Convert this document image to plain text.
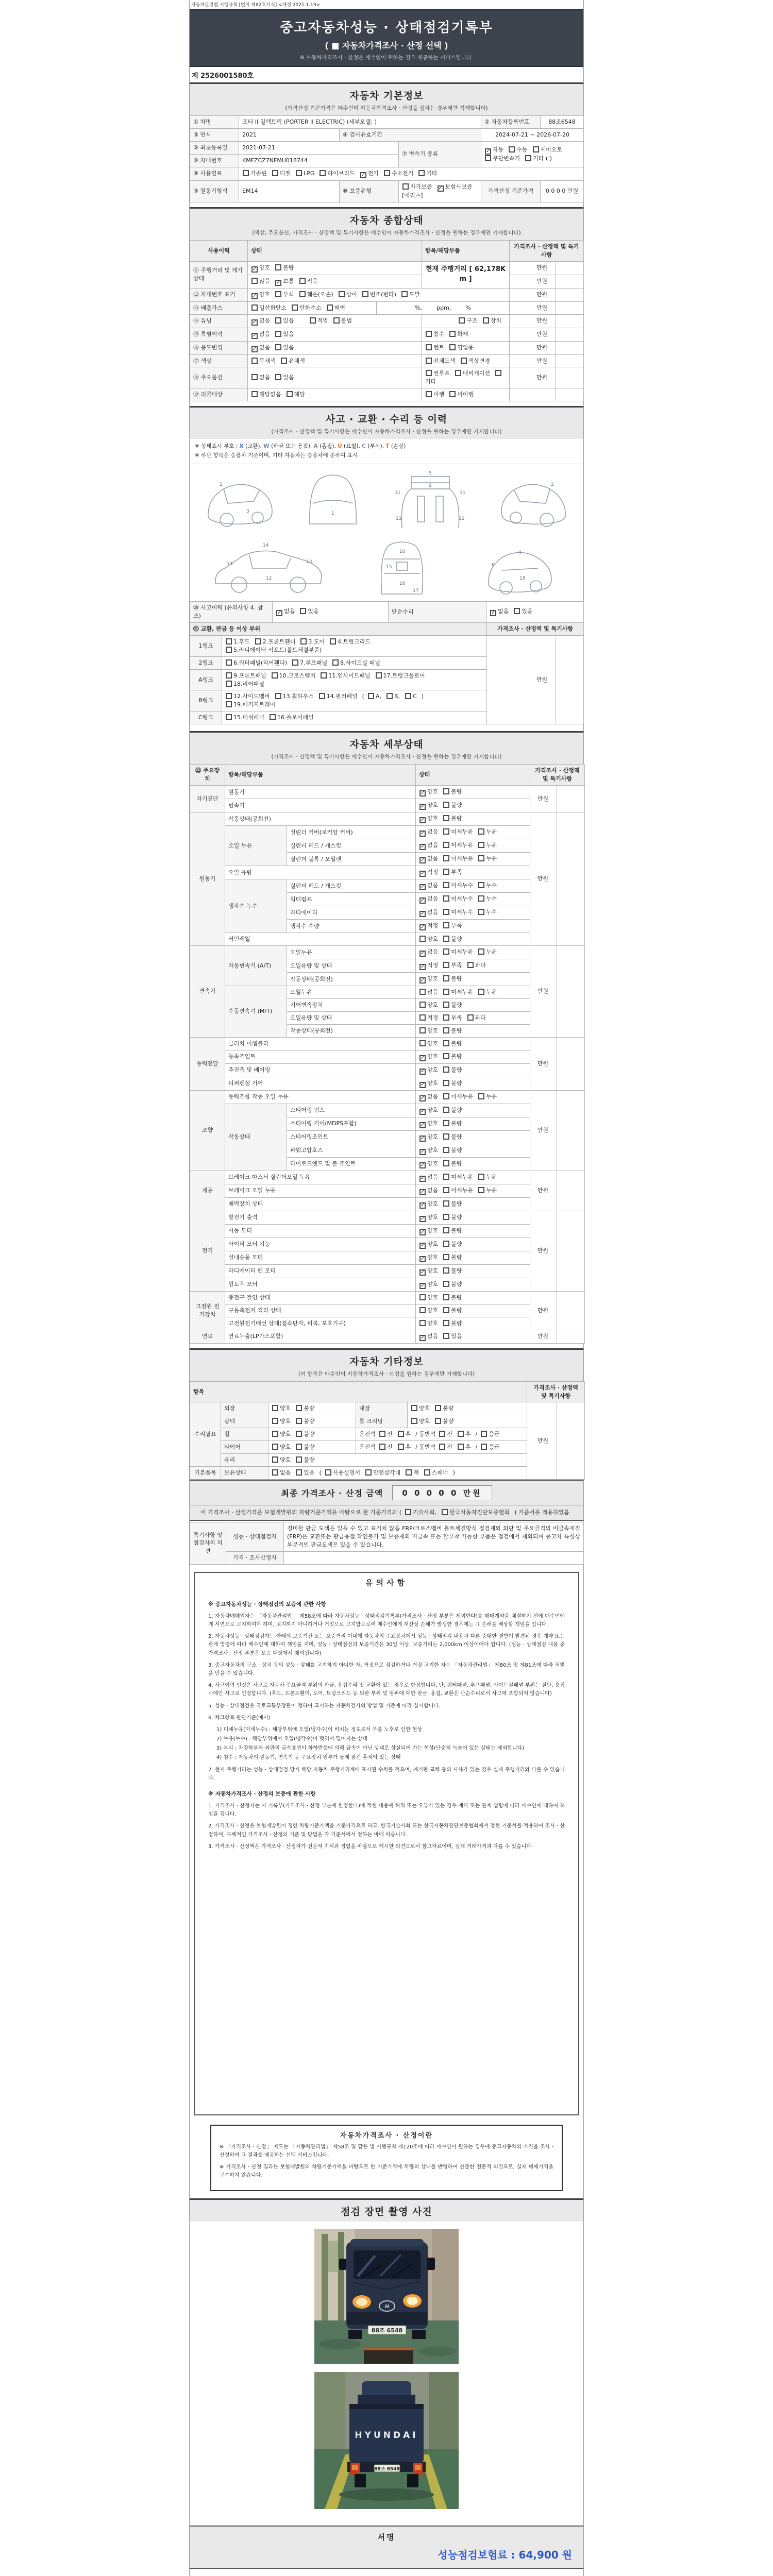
자동차관리법 시행규칙 [별지 제82호서식] <개정 2021.1.19>
중고자동차성능 · 상태점검기록부
( ■ 자동차가격조사 · 산정 선택 )
※ 자동차가격조사 · 산정은 매수인이 원하는 경우 제공하는 서비스입니다.
제 2526001580호
자동차 기본정보
(가격산정 기준가격은 매수인이 자동차가격조사 · 산정을 원하는 경우에만 기재합니다)
① 차명	포터 II 일렉트릭 (PORTER II ELECTRIC) (세부모델: )			② 자동차등록번호	88조6548
③ 연식	2021	④ 검사유효기간		2024-07-21 ~ 2026-07-20	
⑤ 최초등록일	2021-07-21		⑦ 변속기 종류	✓ 자동 수동 세미오토
무단변속기 기타 ( )	
⑥ 차대번호	KMFZCZ7NFMU018744				
⑧ 사용연료	가솔린 디젤 LPG 하이브리드 ✓ 전기 수소전기 기타				
⑨ 원동기형식	EM14	⑩ 보증유형	자가보증 ✓ 보험사보증[메리츠]	가격산정 기준가격	0 0 0 0 만원
자동차 종합상태
(색상, 주요옵션, 가격조사 · 산정액 및 특기사항은 매수인이 자동차가격조사 · 산정을 원하는 경우에만 기재합니다)
사용이력	상태		항목/해당부품	가격조사 · 산정액 및 특기사항	
⑪ 주행거리 및 계기상태	✓ 양호 불량		현재 주행거리 [ 62,178Km ]	만원	
	많음 ✓ 보통 적음			만원	
⑫ 차대번호 표기	✓ 양호 부식 훼손(오손) 상이 변조(변타) 도말			만원	
⑬ 배출가스	일산화탄소 탄화수소 매연	%,        ppm,        %		만원	
⑭ 튜닝	✓ 없음 있음 적법 불법		구조 장치	만원	
⑮ 특별이력	✓ 없음 있음		침수 화재	만원	
⑯ 용도변경	✓ 없음 있음		렌트 영업용	만원	
⑰ 색상	무채색 유채색		전체도색 색상변경	만원	
⑱ 주요옵션	없음 있음		썬루프 네비게이션기타	만원	
⑲ 리콜대상	해당없음 해당		이행 미이행		
사고 · 교환 · 수리 등 이력
(가격조사 · 산정액 및 특기사항은 매수인이 자동차가격조사 · 산정을 원하는 경우에만 기재합니다)
※ 상태표시 부호 : X (교환), W (판금 또는 용접), A (흠집), U (요철), C (부식), T (손상)
※ 하단 항목은 승용차 기준이며, 기타 자동차는 승용차에 준하여 표시
2
3	1
5
9
11	11
12	12
2
14
13	13
12
10
16
15
17
4
6
18
⑳ 사고이력 (유의사항 4. 참조)	✓ 없음 있음	단순수리	✓ 없음 있음
㉑ 교환, 판금 등 이상 부위		가격조사 · 산정액 및 특기사항	
1랭크	1.후드 2.프론트휀더 3.도어 4.트렁크리드
5.라디에이터 서포트(볼트체결부품)	만원	
2랭크	6.쿼터패널(리어휀다) 7.루프패널 8.사이드실 패널		
A랭크	9.프론트패널 10.크로스멤버 11.인사이드패널 17.트렁크플로어
18.리어패널		
B랭크	12.사이드멤버 13.휠하우스 14.필러패널 ( A, B, C )
19.패키지트레이		
C랭크	15.대쉬패널 16.플로어패널		
자동차 세부상태
(가격조사 · 산정액 및 특기사항은 매수인이 자동차가격조사 · 산정을 원하는 경우에만 기재합니다)
㉒ 주요장치	항목/해당부품		상태	가격조사 · 산정액 및 특기사항	
자기진단	원동기		✓ 양호 불량	만원	
	변속기		✓ 양호 불량		
원동기	작동상태(공회전)		✓ 양호 불량	만원	
	오일 누유	실린더 커버(로커암 커버)	✓ 없음 미세누유 누유		
		실린더 헤드 / 개스킷	✓ 없음 미세누유 누유		
		실린더 블록 / 오일팬	✓ 없음 미세누유 누유		
	오일 유량		✓ 적정 부족		
	냉각수 누수	실린더 헤드 / 개스킷	✓ 없음 미세누수 누수		
		워터펌프	✓ 없음 미세누수 누수		
		라디에이터	✓ 없음 미세누수 누수		
		냉각수 수량	✓ 적정 부족		
	커먼레일		양호 불량		
변속기	자동변속기 (A/T)	오일누유	✓ 없음 미세누유 누유	만원	
		오일유량 및 상태	✓ 적정 부족 과다		
		작동상태(공회전)	✓ 양호 불량		
	수동변속기 (M/T)	오일누유	없음 미세누유 누유		
		기어변속장치	양호 불량		
		오일유량 및 상태	적정 부족 과다		
		작동상태(공회전)	양호 불량		
동력전달	클러치 어셈블리		양호 불량	만원	
	등속조인트		✓ 양호 불량		
	추진축 및 베어링		✓ 양호 불량		
	디퍼렌셜 기어		✓ 양호 불량		
조향	동력조향 작동 오일 누유		✓ 없음 미세누유 누유	만원	
	작동상태	스티어링 펌프	✓ 양호 불량		
		스티어링 기어(MDPS포함)	✓ 양호 불량		
		스티어링조인트	✓ 양호 불량		
		파워고압호스	✓ 양호 불량		
		타이로드엔드 및 볼 조인트	✓ 양호 불량		
제동	브레이크 마스터 실린더오일 누유		✓ 없음 미세누유 누유	만원	
	브레이크 오일 누유		✓ 없음 미세누유 누유		
	배력장치 상태		✓ 양호 불량		
전기	발전기 출력		✓ 양호 불량	만원	
	시동 모터		✓ 양호 불량		
	와이퍼 모터 기능		✓ 양호 불량		
	실내송풍 모터		✓ 양호 불량		
	라디에이터 팬 모터		✓ 양호 불량		
	윈도우 모터		✓ 양호 불량		
고전원 전기장치	충전구 절연 상태		양호 불량	만원	
	구동축전지 격리 상태		양호 불량		
	고전원전기배선 상태(접속단자, 피복, 보호기구)		양호 불량		
연료	연료누출(LP가스포함)		✓ 없음 있음	만원	
자동차 기타정보
(이 항목은 매수인이 자동차가격조사 · 산정을 원하는 경우에만 기재합니다)
항목					가격조사 · 산정액 및 특기사항	
수리필요	외장	양호 불량	내장	양호 불량	만원	
	광택	양호 불량	룸 크리닝	양호 불량		
	휠	양호 불량	운전석 전 후 / 동반석 전 후 / 응급			
	타이어	양호 불량	운전석 전 후 / 동반석 전 후 / 응급			
	유리	양호 불량				
기본품목	보유상태	없음 있음 ( 사용설명서 안전삼각대 잭 스패너 )				
최종 가격조사 · 산정 금액	0 0 0 0 0 만원
이 가격조사 · 산정가격은 보험개발원의 차량기준가액을 바탕으로 한 기준가격과 ( 기술사회, 한국자동차진단보증협회 ) 기준서를 적용하였음
특기사항 및 점검자의 의견	성능 · 상태점검자	경미한 판금 도색은 있을 수 있고 표기치 않음 FRP/크로스멤버 볼트체결방식 점검제외 외판 및 주요골격의 비금속재질(FRP)은 교환또는 판금용접 확인불가 및 보증제외 비금속 또는 탈부착 가능한 부품은 점검에서 제외되며 중고차 특성상 부분적인 판금도색은 있을 수 있습니다.
	가격 · 조사산정자	
유의사항
※ 중고자동차성능 · 상태점검의 보증에 관한 사항
1. 자동차매매업자는 「자동차관리법」 제58조에 따라 자동차성능 · 상태점검기록부(가격조사 · 산정 부분은 제외한다)를 매매계약을 체결하기 전에 매수인에게 서면으로 고지하여야 하며, 고지하지 아니하거나 거짓으로 고지함으로써 매수인에게 재산상 손해가 발생한 경우에는 그 손해를 배상할 책임을 집니다.
2. 자동차성능 · 상태점검자는 아래의 보증기간 또는 보증거리 이내에 자동차의 주요장치에서 성능 · 상태점검 내용과 다른 중대한 결함이 발견된 경우 계약 또는 관계 법령에 따라 매수인에 대하여 책임을 지며, 성능 · 상태점검의 보증기간은 30일 이상, 보증거리는 2,000km 이상이어야 합니다. (성능 · 상태점검 내용 중 가격조사 · 산정 부분은 보증 대상에서 제외됩니다)
3. 중고자동차의 구조 · 장치 등의 성능 · 상태를 고지하지 아니한 자, 거짓으로 점검하거나 거짓 고지한 자는 「자동차관리법」 제80조 및 제81조에 따라 처벌을 받을 수 있습니다.
4. 사고이력 인정은 사고로 자동차 주요골격 부위의 판금, 용접수리 및 교환이 있는 경우로 한정합니다. 단, 쿼터패널, 루프패널, 사이드실패널 부위는 절단, 용접 시에만 사고로 인정합니다. (후드, 프론트휀더, 도어, 트렁크리드 등 외판 부위 및 범퍼에 대한 판금, 용접, 교환은 단순수리로서 사고에 포함되지 않습니다)
5. 성능 · 상태점검은 국토교통부장관이 정하여 고시하는 자동차검사의 방법 및 기준에 따라 실시합니다.
6. 체크항목 판단기준(예시)
1) 미세누유(미세누수) : 해당부위에 오일(냉각수)이 비치는 정도로서 부품 노후로 인한 현상
2) 누유(누수) : 해당부위에서 오일(냉각수)이 맺혀서 떨어지는 상태
3) 부식 : 차량하부와 외판의 금속표면이 화학반응에 의해 금속이 아닌 상태로 상실되어 가는 현상(단순히 녹슬어 있는 상태는 제외합니다)
4) 침수 : 자동차의 원동기, 변속기 등 주요장치 일부가 물에 잠긴 흔적이 있는 상태
7. 현재 주행거리는 성능 · 상태점검 당시 해당 자동차 주행거리계에 표시된 수치를 적으며, 계기판 교체 등의 사유가 있는 경우 실제 주행거리와 다를 수 있습니다.
※ 자동차가격조사 · 산정의 보증에 관한 사항
1. 가격조사 · 산정자는 이 기록부(가격조사 · 산정 부분에 한정한다)에 적힌 내용에 허위 또는 오류가 있는 경우 계약 또는 관계 법령에 따라 매수인에 대하여 책임을 집니다.
2. 가격조사 · 산정은 보험개발원이 정한 차량기준가액을 기준가격으로 하고, 한국기술사회 또는 한국자동차진단보증협회에서 정한 기준서를 적용하여 조사 · 산정하며, 구체적인 가격조사 · 산정의 기준 및 방법은 각 기준서에서 정하는 바에 따릅니다.
3. 가격조사 · 산정액은 가격조사 · 산정자가 전문적 지식과 경험을 바탕으로 제시한 의견으로서 참고자료이며, 실제 거래가격과 다를 수 있습니다.
자동차가격조사 · 산정이란
※ 「가격조사 · 산정」 제도는 「자동차관리법」 제58조 및 같은 법 시행규칙 제120조에 따라 매수인이 원하는 경우에 중고자동차의 가격을 조사 · 산정하여 그 결과를 제공하는 선택 서비스입니다.
※ 가격조사 · 산정 결과는 보험개발원의 차량기준가액을 바탕으로 한 기준가격에 차량의 상태를 반영하여 산출한 전문적 의견으로, 실제 매매가격을 구속하지 않습니다.
점검 장면 촬영 사진
H
88조 6548
HYUNDAI
88조 6548
서명
성능점검보험료 : 64,900 원
